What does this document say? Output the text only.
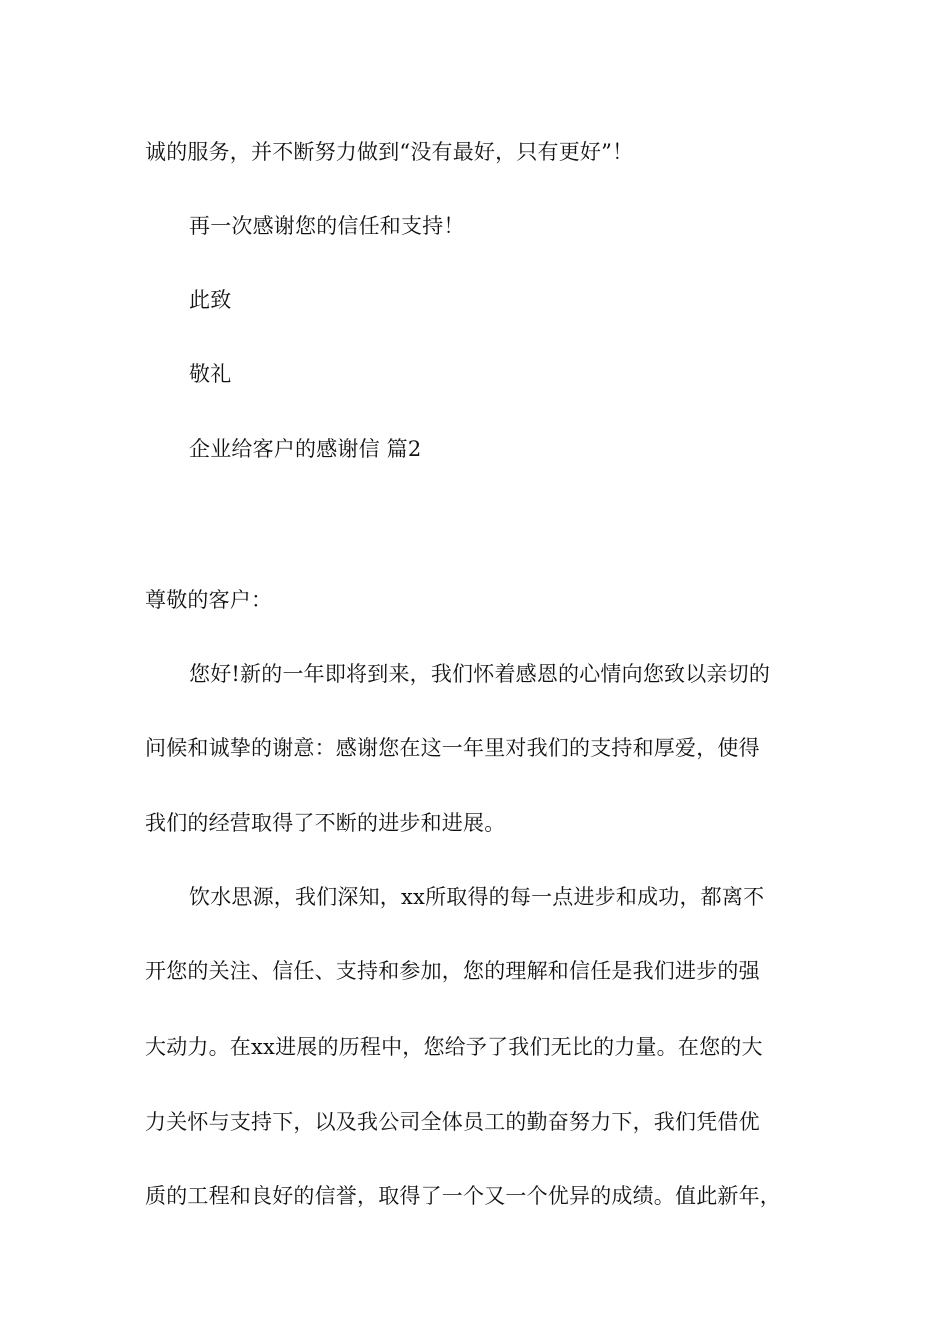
诚的服务，并不断努力做到“没有最好，只有更好”！
再一次感谢您的信任和支持！
此致
敬礼
企业给客户的感谢信 篇2
尊敬的客户：
您好!新的一年即将到来，我们怀着感恩的心情向您致以亲切的
问候和诚挚的谢意：感谢您在这一年里对我们的支持和厚爱，使得
我们的经营取得了不断的进步和进展。
饮水思源，我们深知，xx所取得的每一点进步和成功，都离不
开您的关注、信任、支持和参加，您的理解和信任是我们进步的强
大动力。在xx进展的历程中，您给予了我们无比的力量。在您的大
力关怀与支持下，以及我公司全体员工的勤奋努力下，我们凭借优
质的工程和良好的信誉，取得了一个又一个优异的成绩。值此新年，
